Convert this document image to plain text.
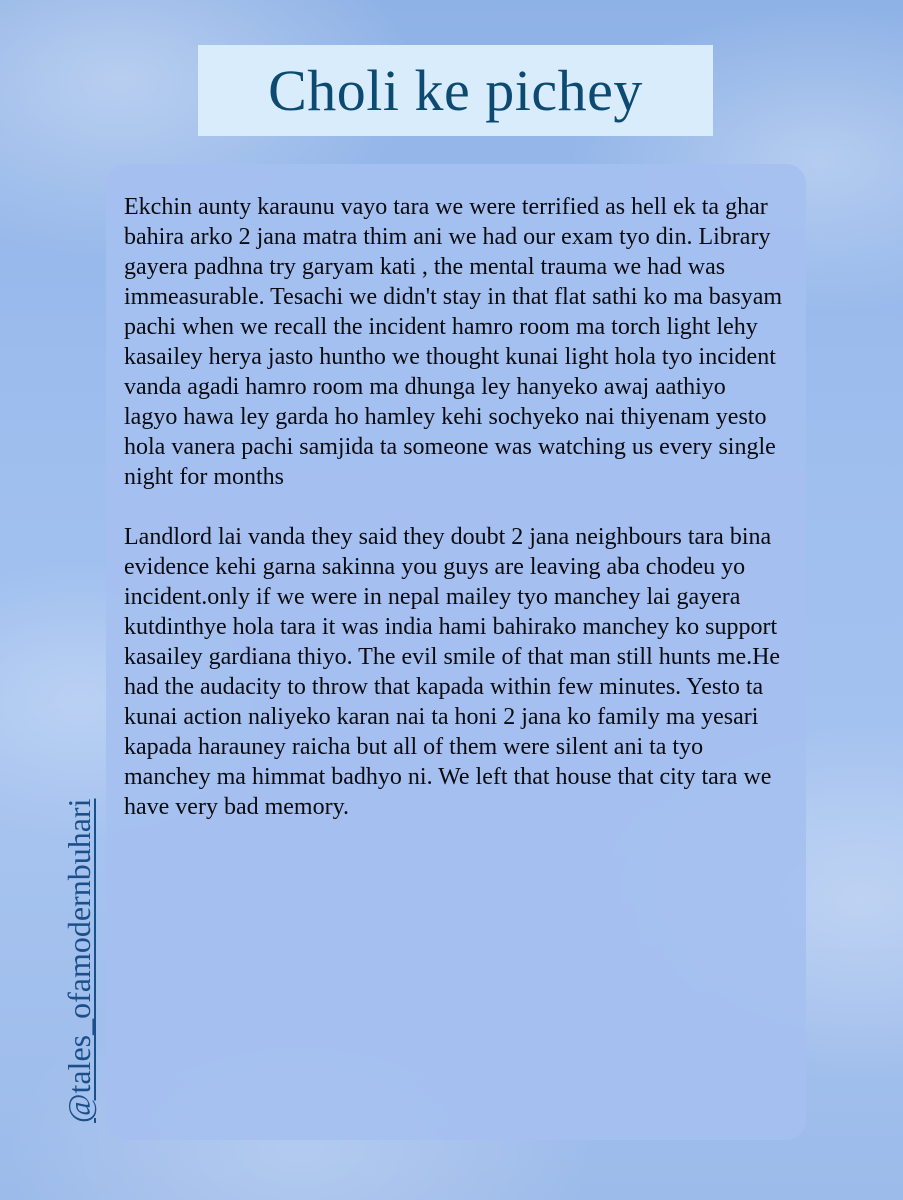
Choli ke pichey

Ekchin aunty karaunu vayo tara we were terrified as hell ek ta ghar bahira arko 2 jana matra thim ani we had our exam tyo din. Library gayera padhna try garyam kati , the mental trauma we had was immeasurable. Tesachi we didn't stay in that flat sathi ko ma basyam pachi when we recall the incident hamro room ma torch light lehy kasailey herya jasto huntho we thought kunai light hola tyo incident vanda agadi hamro room ma dhunga ley hanyeko awaj aathiyo lagyo hawa ley garda ho hamley kehi sochyeko nai thiyenam yesto hola vanera pachi samjida ta someone was watching us every single night for months

Landlord lai vanda they said they doubt 2 jana neighbours tara bina evidence kehi garna sakinna you guys are leaving aba chodeu yo incident.only if we were in nepal mailey tyo manchey lai gayera kutdinthye hola tara it was india hami bahirako manchey ko support kasailey gardiana thiyo. The evil smile of that man still hunts me.He had the audacity to throw that kapada within few minutes. Yesto ta kunai action naliyeko karan nai ta honi 2 jana ko family ma yesari kapada harauney raicha but all of them were silent ani ta tyo manchey ma himmat badhyo ni. We left that house that city tara we have very bad memory.

@tales_ofamodernbuhari
